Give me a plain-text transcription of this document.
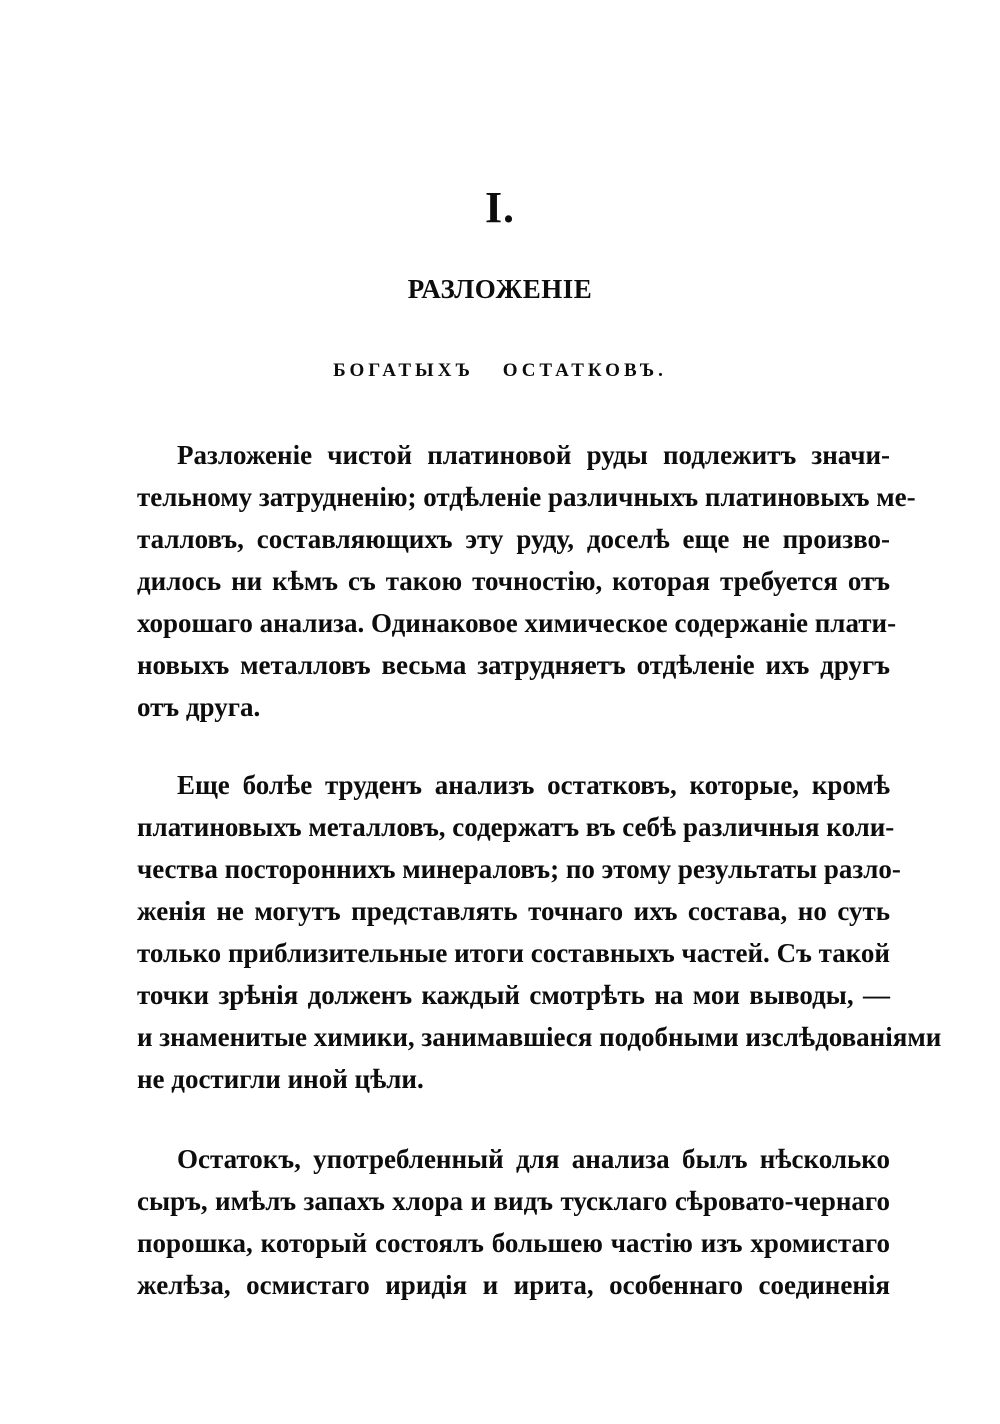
I.
РАЗЛОЖЕНІЕ
БОГАТЫХЪ ОСТАТКОВЪ.
Разложеніе чистой платиновой руды подлежитъ значи-
тельному затрудненію; отдѣленіе различныхъ платиновыхъ ме-
талловъ, составляющихъ эту руду, доселѣ еще не произво-
дилось ни кѣмъ съ такою точностію, которая требуется отъ
хорошаго анализа. Одинаковое химическое содержаніе плати-
новыхъ металловъ весьма затрудняетъ отдѣленіе ихъ другъ
отъ друга.
Еще болѣе труденъ анализъ остатковъ, которые, кромѣ
платиновыхъ металловъ, содержатъ въ себѣ различныя коли-
чества постороннихъ минераловъ; по этому результаты разло-
женія не могутъ представлять точнаго ихъ состава, но суть
только приблизительные итоги составныхъ частей. Съ такой
точки зрѣнія долженъ каждый смотрѣть на мои выводы, —
и знаменитые химики, занимавшіеся подобными изслѣдованіями
не достигли иной цѣли.
Остатокъ, употребленный для анализа былъ нѣсколько
сыръ, имѣлъ запахъ хлора и видъ тусклаго сѣровато-чернаго
порошка, который состоялъ большею частію изъ хромистаго
желѣза, осмистаго иридія и ирита, особеннаго соединенія
